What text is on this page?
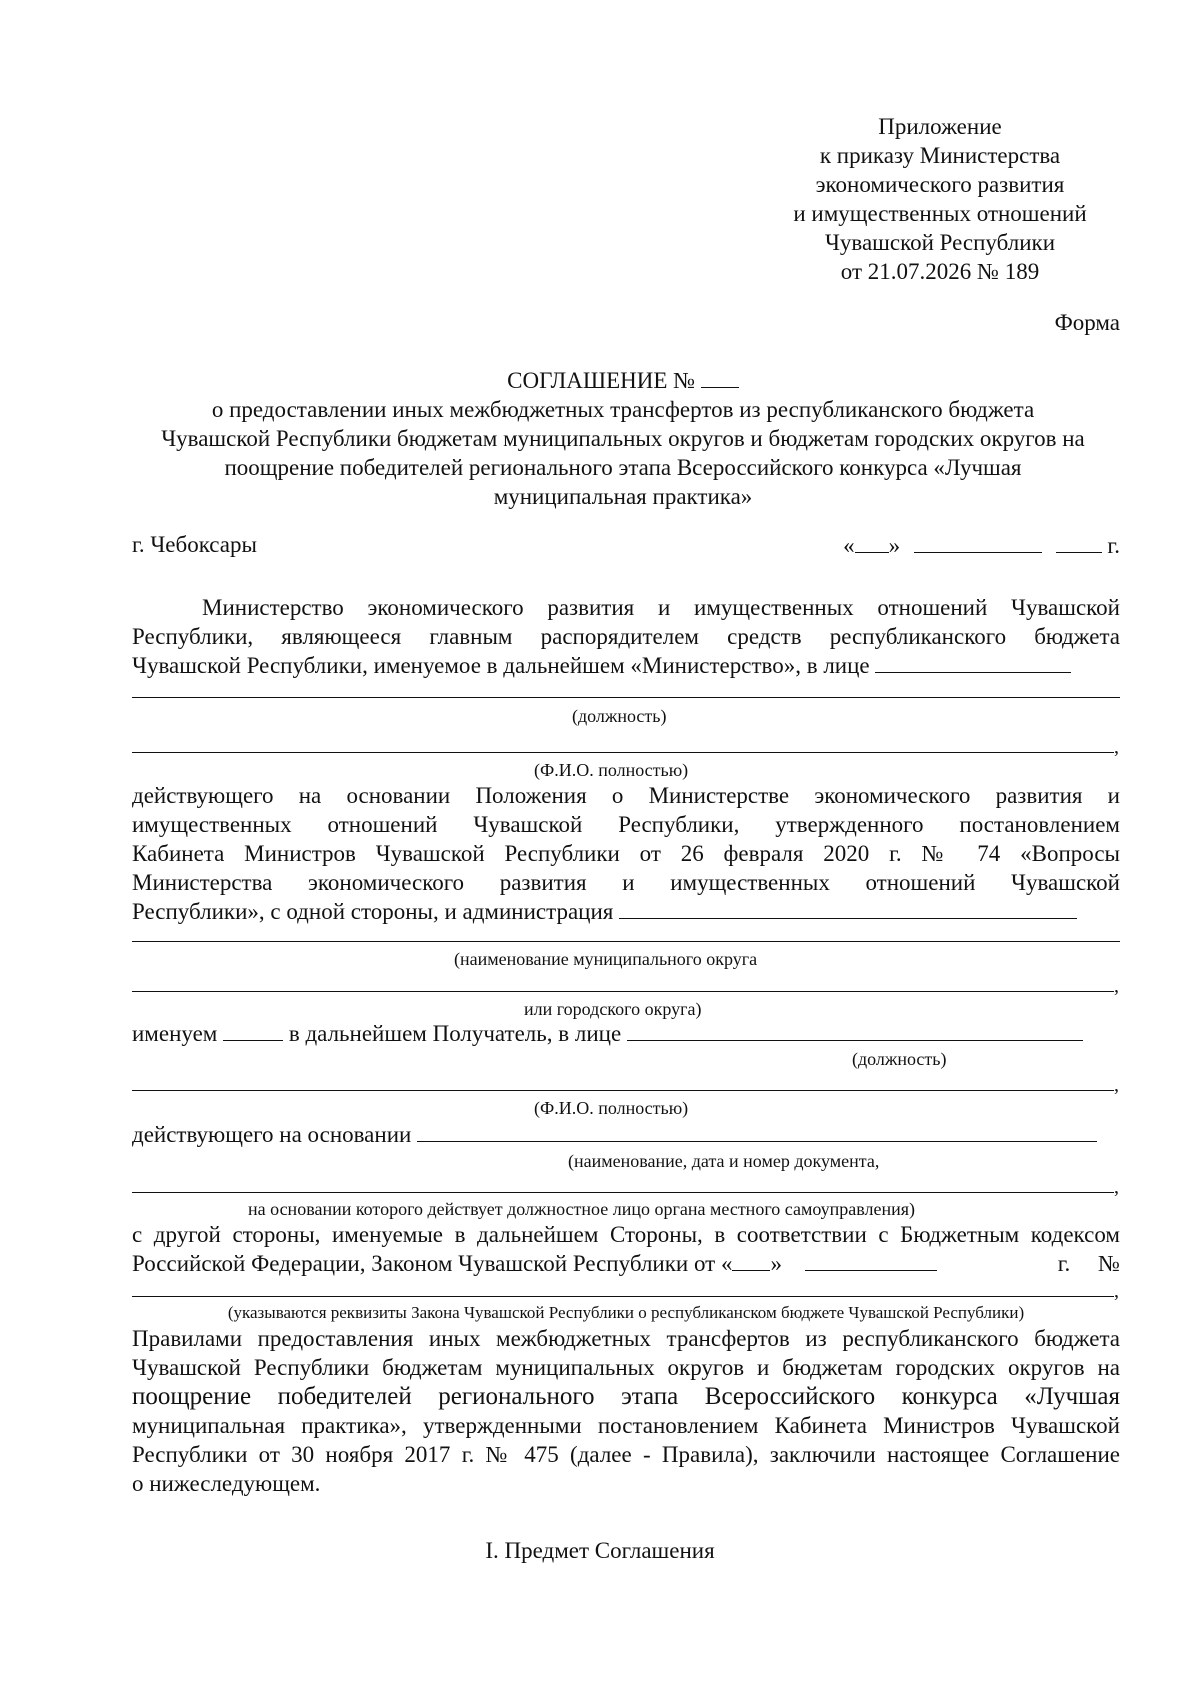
Приложение
к приказу Министерства
экономического развития
и имущественных отношений
Чувашской Республики
от 21.07.2026 № 189
Форма
СОГЛАШЕНИЕ №
о предоставлении иных межбюджетных трансфертов из республиканского бюджета
Чувашской Республики бюджетам муниципальных округов и бюджетам городских округов на
поощрение победителей регионального этапа Всероссийского конкурса «Лучшая
муниципальная практика»
г. Чебоксары	« »	г.
Министерство экономического развития и имущественных отношений Чувашской
Республики, являющееся главным распорядителем средств республиканского бюджета
Чувашской Республики, именуемое в дальнейшем «Министерство», в лице
(должность)
,
(Ф.И.О. полностью)
действующего на основании Положения о Министерстве экономического развития и
имущественных отношений Чувашской Республики, утвержденного постановлением
Кабинета Министров Чувашской Республики от 26 февраля 2020 г. № 74 «Вопросы
Министерства экономического развития и имущественных отношений Чувашской
Республики», с одной стороны, и администрация
(наименование муниципального округа
,
или городского округа)
именуем	в дальнейшем Получатель, в лице
(должность)
,
(Ф.И.О. полностью)
действующего на основании
(наименование, дата и номер документа,
,
на основании которого действует должностное лицо органа местного самоуправления)
с другой стороны, именуемые в дальнейшем Стороны, в соответствии с Бюджетным кодексом
Российской Федерации, Законом Чувашской Республики от « »	г. №
,
(указываются реквизиты Закона Чувашской Республики о республиканском бюджете Чувашской Республики)
Правилами предоставления иных межбюджетных трансфертов из республиканского бюджета
Чувашской Республики бюджетам муниципальных округов и бюджетам городских округов на
поощрение победителей регионального этапа Всероссийского конкурса «Лучшая
муниципальная практика», утвержденными постановлением Кабинета Министров Чувашской
Республики от 30 ноября 2017 г. № 475 (далее - Правила), заключили настоящее Соглашение
о нижеследующем.
I. Предмет Соглашения
